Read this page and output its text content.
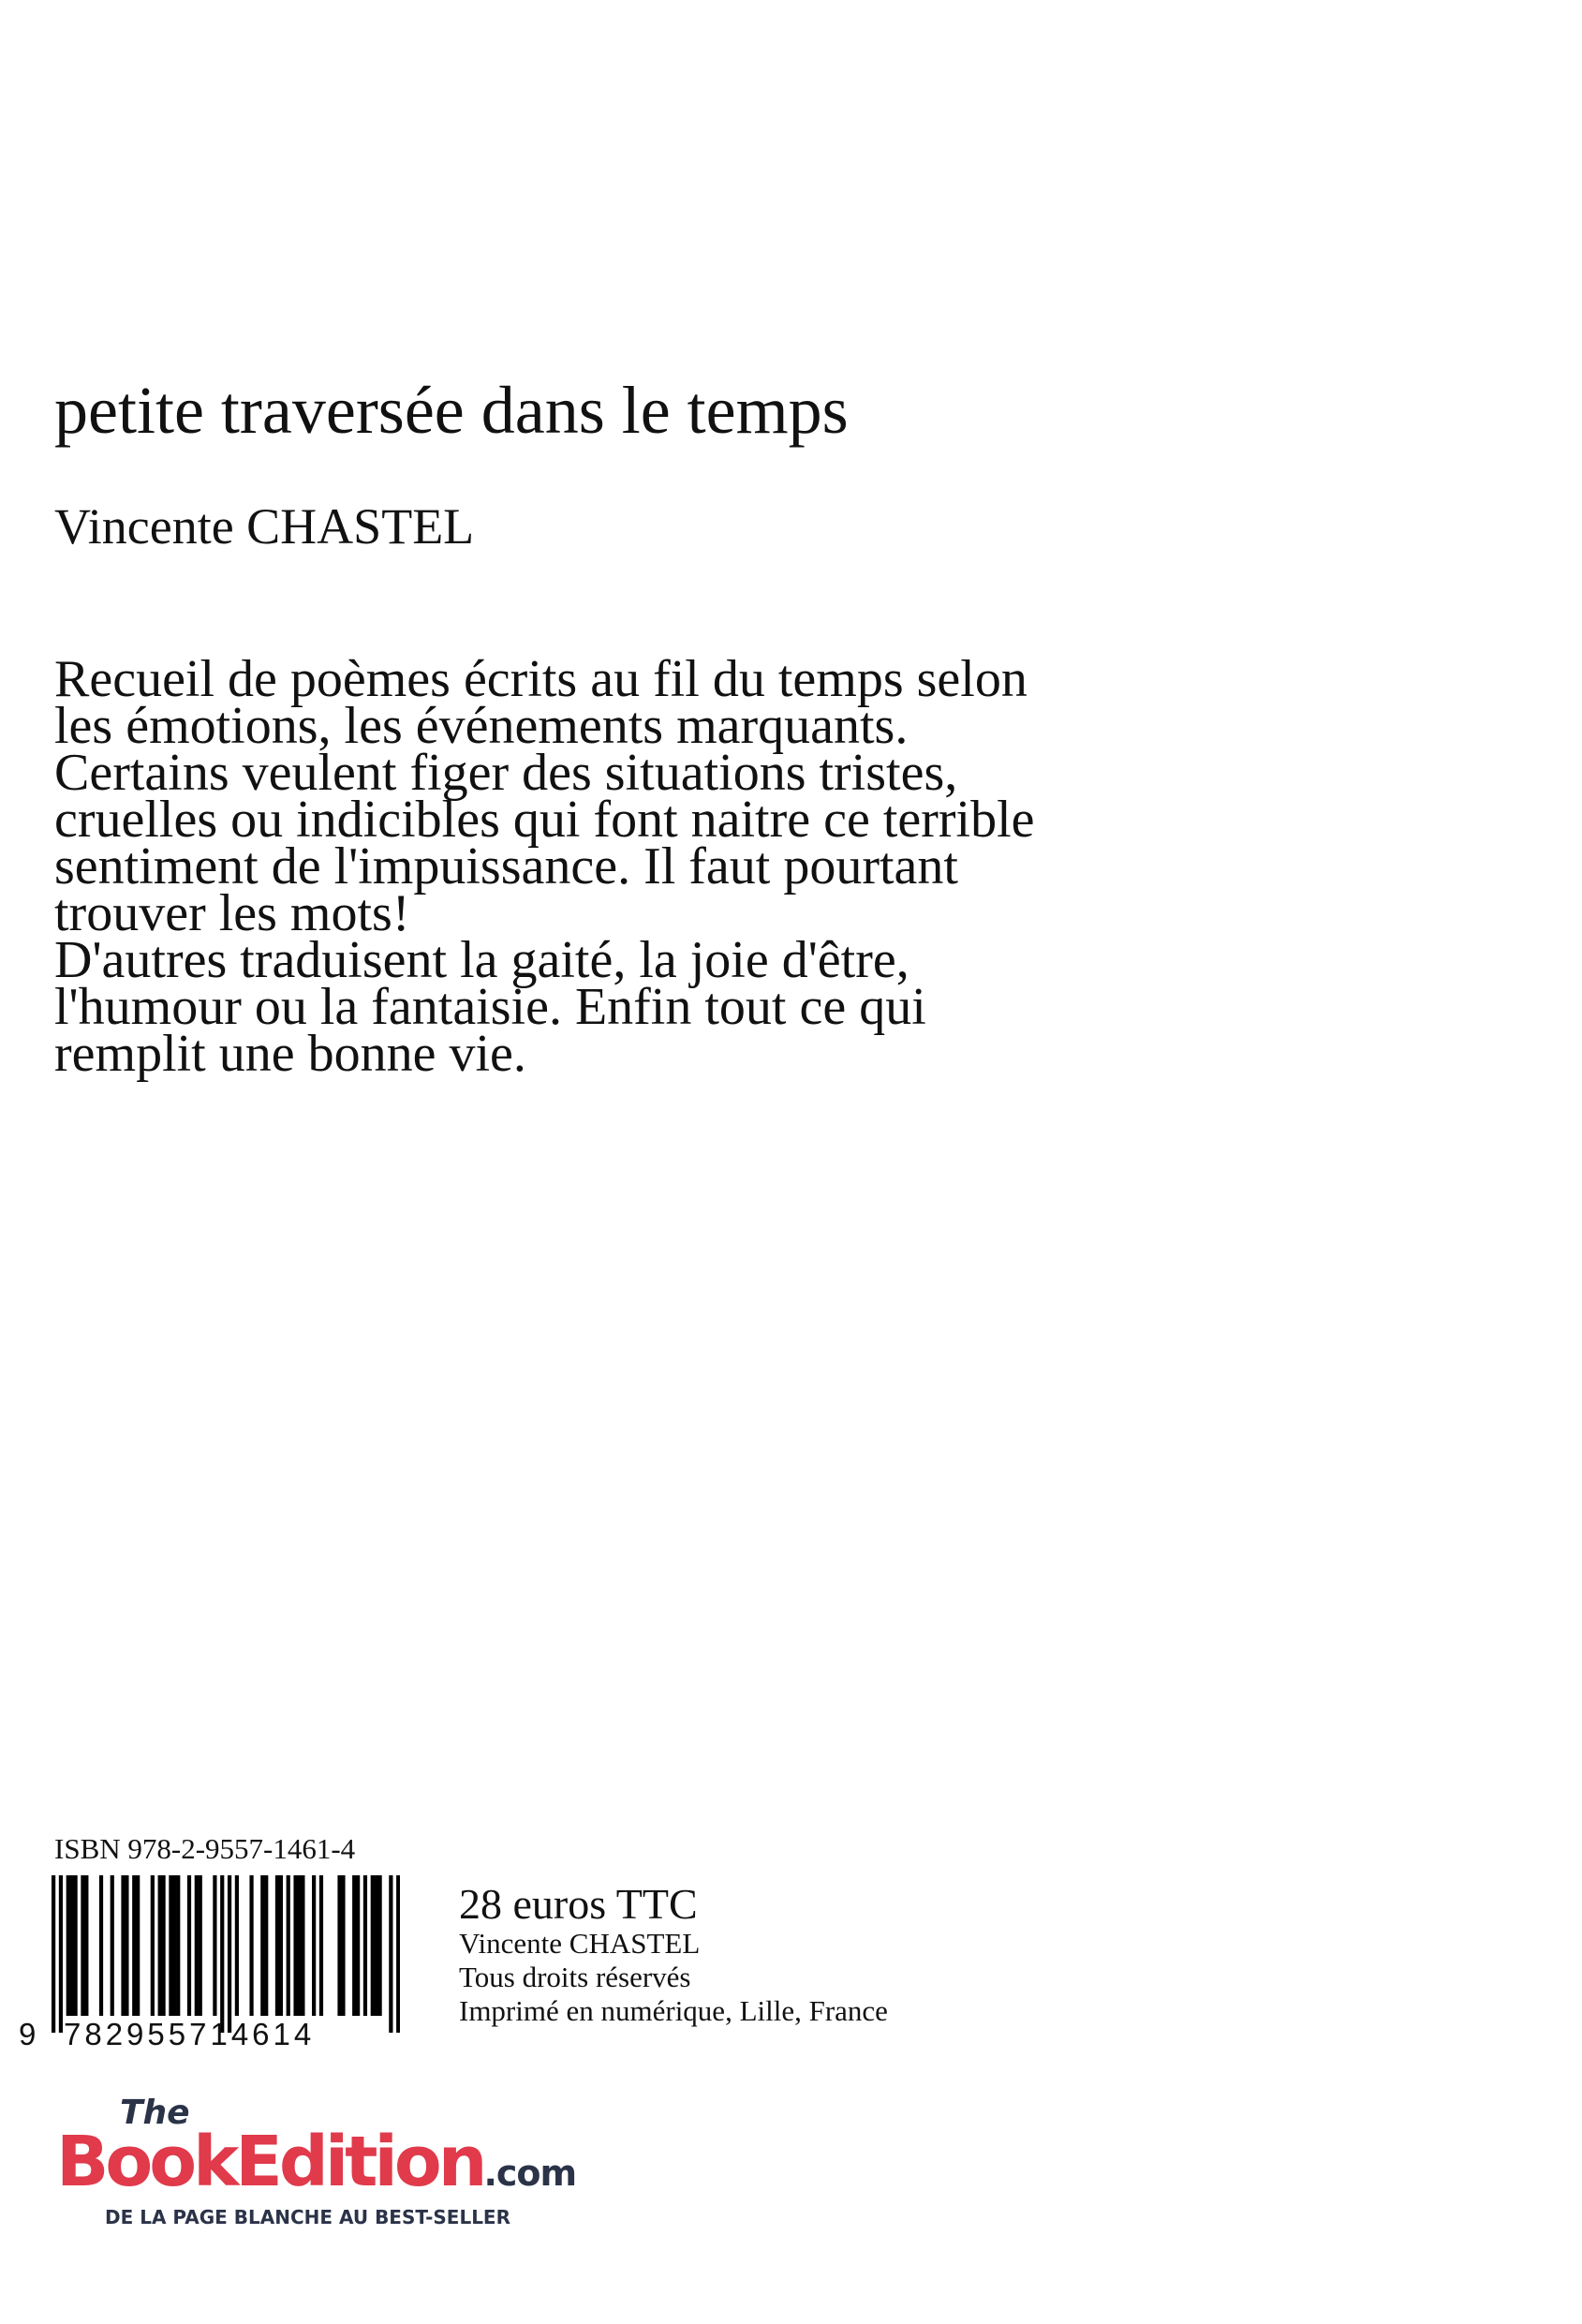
petite traversée dans le temps
Vincente CHASTEL

Recueil de poèmes écrits au fil du temps selon

les émotions, les événements marquants.

Certains veulent figer des situations tristes,

cruelles ou indicibles qui font naitre ce terrible

sentiment de l'impuissance. Il faut pourtant

trouver les mots!

D'autres traduisent la gaité, la joie d'être,

l'humour ou la fantaisie. Enfin tout ce qui

remplit une bonne vie.

ISBN 978-2-9557-1461-4
9 782955714614
28 euros TTC
Vincente CHASTEL
Tous droits réservés
Imprimé en numérique, Lille, France
The
BookEdition.com
DE LA PAGE BLANCHE AU BEST-SELLER
